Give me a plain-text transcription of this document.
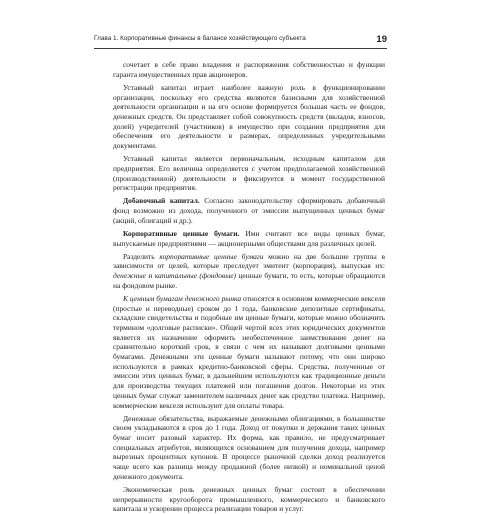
Глава 1. Корпоративные финансы в балансе хозяйствующего субъекта	19

сочетает в себе право владения и распоряжения собственностью и функции гаранта имущественных прав акционеров.

Уставный капитал играет наиболее важную роль в функционировании организации, поскольку его средства являются базисными для хозяйственной деятельности организации и на его основе формируется большая часть ее фондов, денежных средств. Он представляет собой совокупность средств (вкладов, взносов, долей) учредителей (участников) в имущество при создании предприятия для обеспечения его деятельности в размерах, определенных учредительными документами.

Уставный капитал является первоначальным, исходным капиталом для предприятия. Его величина определяется с учетом предполагаемой хозяйственной (производственной) деятельности и фиксируется в момент государственной регистрации предприятия.

Добавочный капитал. Согласно законодательству сформировать добавочный фонд возможно из дохода, полученного от эмиссии выпущенных ценных бумаг (акций, облигаций и др.).

Корпоративные ценные бумаги. Ими считают все виды ценных бумаг, выпускаемые предприятиями — акционерными обществами для различных целей.

Разделить корпоративные ценные бумаги можно на две большие группы в зависимости от целей, которые преследует эмитент (корпорация), выпуская их: денежные и капитальные (фондовые) ценные бумаги, то есть, которые обращаются на фондовом рынке.

К ценным бумагам денежного рынка относятся в основном коммерческие векселя (простые и переводные) сроком до 1 года, банковские депозитные сертификаты, складские свидетельства и подобные им ценные бумаги, которые можно обозначить термином «долговые расписки». Общей чертой всех этих юридических документов является их назначение оформить необеспеченное заимствование денег на сравнительно короткий срок, в связи с чем их называют долговыми ценными бумагами. Денежными эти ценные бумаги называют потому, что они широко используются в рамках кредитно-банковской сферы. Средства, полученные от эмиссии этих ценных бумаг, в дальнейшем используются как традиционные деньги для производства текущих платежей или погашения долгов. Некоторые из этих ценных бумаг служат заменителем наличных денег как средство платежа. Например, коммерческие векселя используют для оплаты товара.

Денежные обязательства, выражаемые денежными облигациями, в большинстве своем укладываются в срок до 1 года. Доход от покупки и держания таких ценных бумаг носит разовый характер. Их форма, как правило, не предусматривает специальных атрибутов, являющихся основанием для получения дохода, например вырезных процентных купонов. В процессе рыночной сделки доход реализуется чаще всего как разница между продажной (более низкой) и номинальной ценой денежного документа.

Экономическая роль денежных ценных бумаг состоит в обеспечении непрерывности кругооборота промышленного, коммерческого и банковского капитала и ускорении процесса реализации товаров и услуг.
